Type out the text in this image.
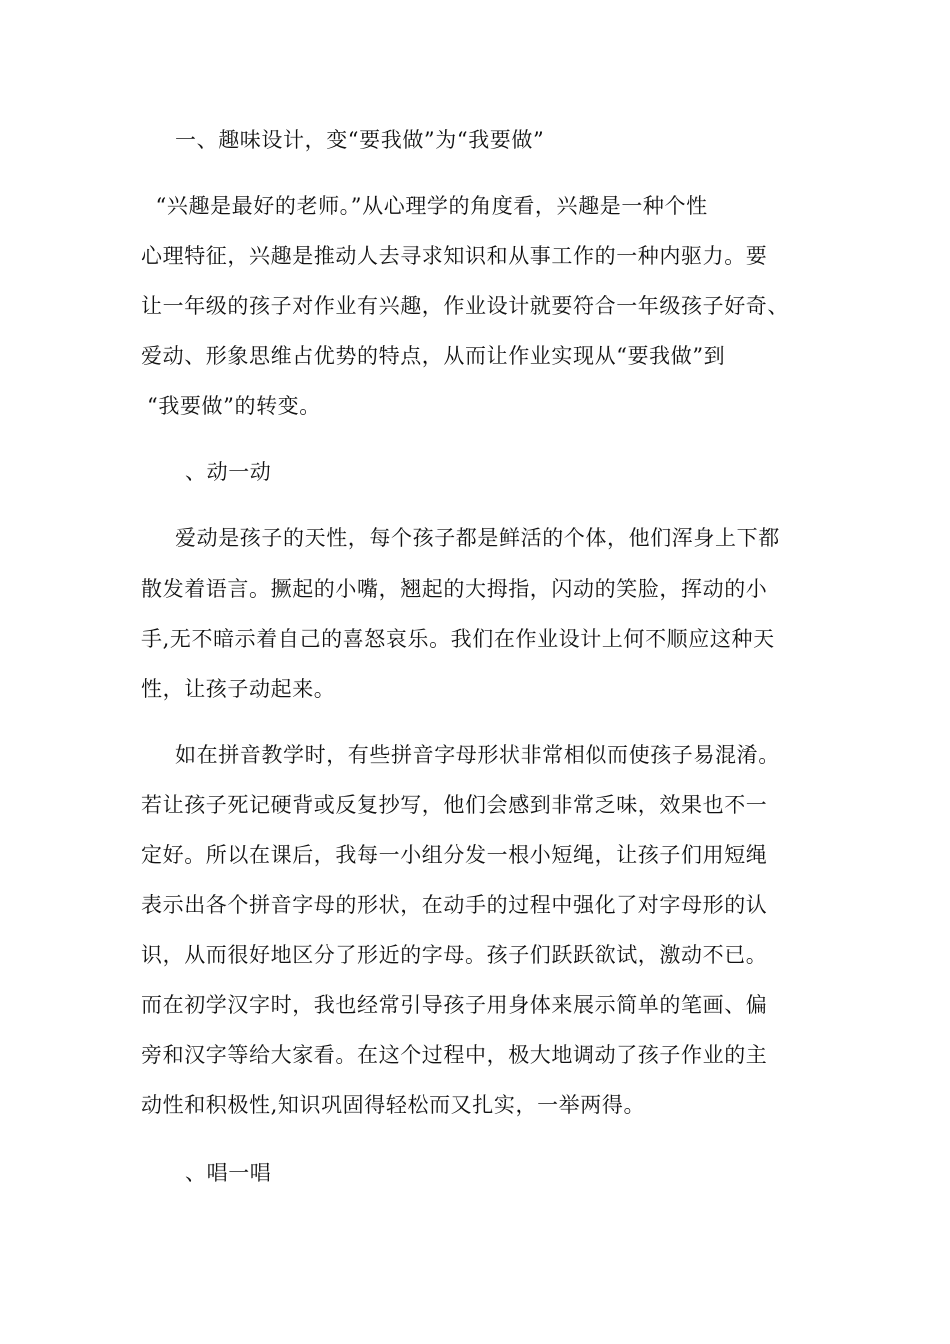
一、趣味设计，变“要我做”为“我要做”
“兴趣是最好的老师。”从心理学的角度看，兴趣是一种个性
心理特征，兴趣是推动人去寻求知识和从事工作的一种内驱力。要
让一年级的孩子对作业有兴趣，作业设计就要符合一年级孩子好奇、
爱动、形象思维占优势的特点，从而让作业实现从“要我做”到
“我要做”的转变。
、动一动
爱动是孩子的天性，每个孩子都是鲜活的个体，他们浑身上下都
散发着语言。撅起的小嘴，翘起的大拇指，闪动的笑脸，挥动的小
手,无不暗示着自己的喜怒哀乐。我们在作业设计上何不顺应这种天
性，让孩子动起来。
如在拼音教学时，有些拼音字母形状非常相似而使孩子易混淆。
若让孩子死记硬背或反复抄写，他们会感到非常乏味，效果也不一
定好。所以在课后，我每一小组分发一根小短绳，让孩子们用短绳
表示出各个拼音字母的形状，在动手的过程中强化了对字母形的认
识，从而很好地区分了形近的字母。孩子们跃跃欲试，激动不已。
而在初学汉字时，我也经常引导孩子用身体来展示简单的笔画、偏
旁和汉字等给大家看。在这个过程中，极大地调动了孩子作业的主
动性和积极性,知识巩固得轻松而又扎实，一举两得。
、唱一唱
